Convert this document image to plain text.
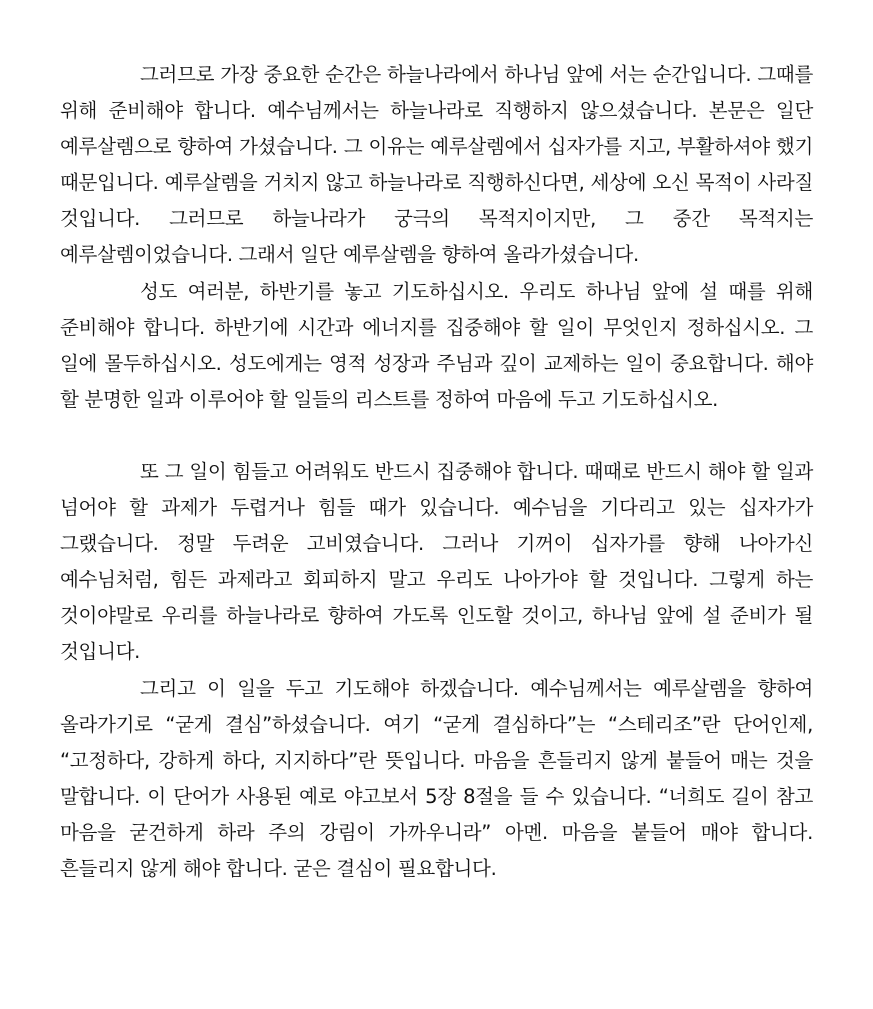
그러므로 가장 중요한 순간은 하늘나라에서 하나님 앞에 서는 순간입니다. 그때를 위해 준비해야 합니다. 예수님께서는 하늘나라로 직행하지 않으셨습니다. 본문은 일단 예루살렘으로 향하여 가셨습니다. 그 이유는 예루살렘에서 십자가를 지고, 부활하셔야 했기 때문입니다. 예루살렘을 거치지 않고 하늘나라로 직행하신다면, 세상에 오신 목적이 사라질 것입니다. 그러므로 하늘나라가 궁극의 목적지이지만, 그 중간 목적지는 예루살렘이었습니다. 그래서 일단 예루살렘을 향하여 올라가셨습니다.

성도 여러분, 하반기를 놓고 기도하십시오. 우리도 하나님 앞에 설 때를 위해 준비해야 합니다. 하반기에 시간과 에너지를 집중해야 할 일이 무엇인지 정하십시오. 그 일에 몰두하십시오. 성도에게는 영적 성장과 주님과 깊이 교제하는 일이 중요합니다. 해야 할 분명한 일과 이루어야 할 일들의 리스트를 정하여 마음에 두고 기도하십시오.

또 그 일이 힘들고 어려워도 반드시 집중해야 합니다. 때때로 반드시 해야 할 일과 넘어야 할 과제가 두렵거나 힘들 때가 있습니다. 예수님을 기다리고 있는 십자가가 그랬습니다. 정말 두려운 고비였습니다. 그러나 기꺼이 십자가를 향해 나아가신 예수님처럼, 힘든 과제라고 회피하지 말고 우리도 나아가야 할 것입니다. 그렇게 하는 것이야말로 우리를 하늘나라로 향하여 가도록 인도할 것이고, 하나님 앞에 설 준비가 될 것입니다.

그리고 이 일을 두고 기도해야 하겠습니다. 예수님께서는 예루살렘을 향하여 올라가기로 “굳게 결심”하셨습니다. 여기 “굳게 결심하다”는 “스테리조”란 단어인제, “고정하다, 강하게 하다, 지지하다”란 뜻입니다. 마음을 흔들리지 않게 붙들어 매는 것을 말합니다. 이 단어가 사용된 예로 야고보서 5장 8절을 들 수 있습니다. “너희도 길이 참고 마음을 굳건하게 하라 주의 강림이 가까우니라” 아멘. 마음을 붙들어 매야 합니다. 흔들리지 않게 해야 합니다. 굳은 결심이 필요합니다.
